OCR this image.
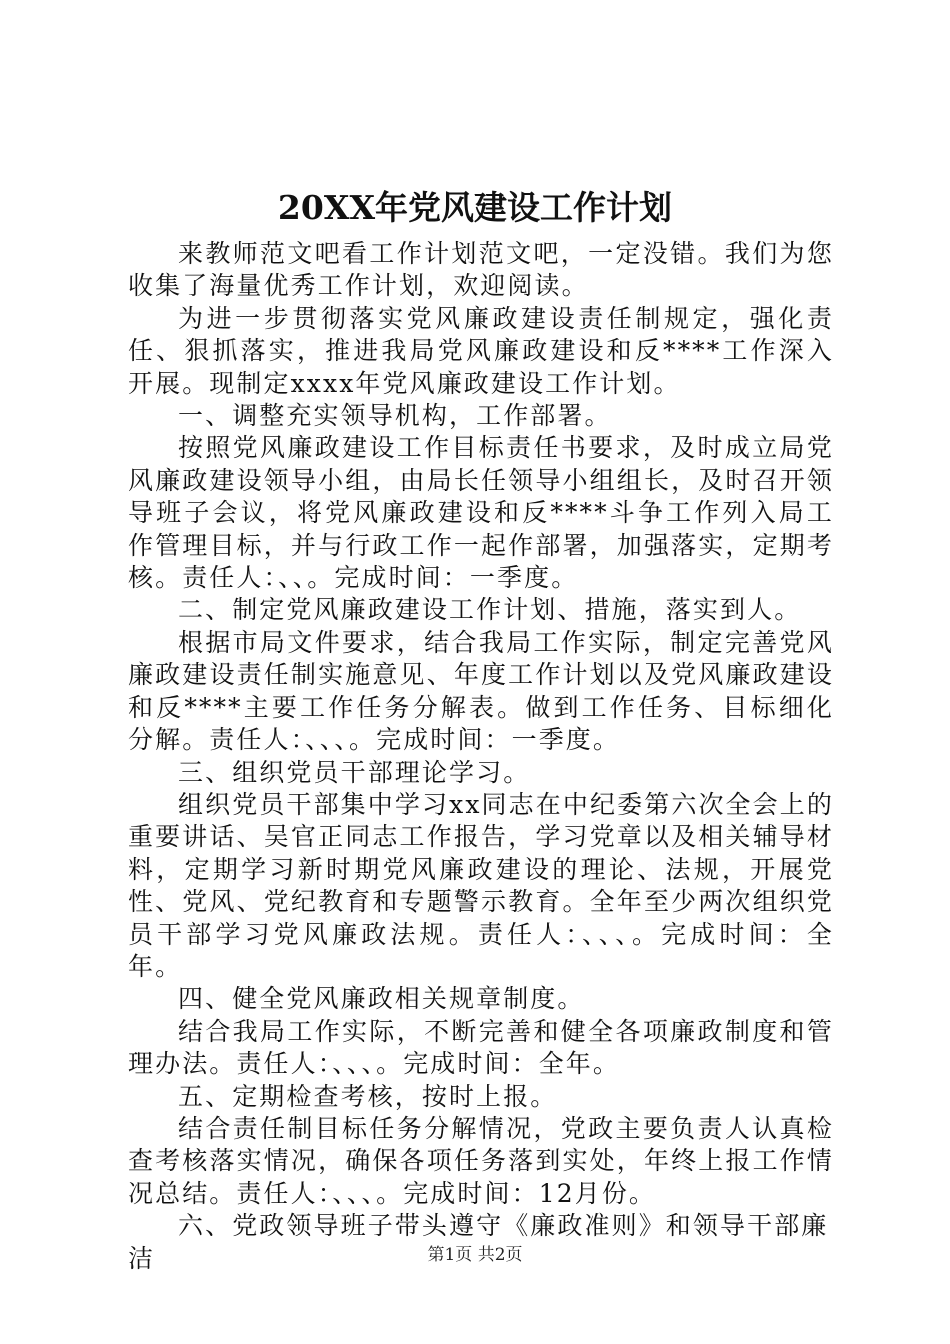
20XX年党风建设工作计划

来教师范文吧看工作计划范文吧，一定没错。我们为您收集了海量优秀工作计划，欢迎阅读。

为进一步贯彻落实党风廉政建设责任制规定，强化责任、狠抓落实，推进我局党风廉政建设和反****工作深入开展。现制定xxxx年党风廉政建设工作计划。

一、调整充实领导机构，工作部署。

按照党风廉政建设工作目标责任书要求，及时成立局党风廉政建设领导小组，由局长任领导小组组长，及时召开领导班子会议，将党风廉政建设和反****斗争工作列入局工作管理目标，并与行政工作一起作部署，加强落实，定期考核。责任人：、、。完成时间：一季度。

二、制定党风廉政建设工作计划、措施，落实到人。

根据市局文件要求，结合我局工作实际，制定完善党风廉政建设责任制实施意见、年度工作计划以及党风廉政建设和反****主要工作任务分解表。做到工作任务、目标细化分解。责任人：、、、。完成时间：一季度。

三、组织党员干部理论学习。

组织党员干部集中学习xx同志在中纪委第六次全会上的重要讲话、吴官正同志工作报告，学习党章以及相关辅导材料，定期学习新时期党风廉政建设的理论、法规，开展党性、党风、党纪教育和专题警示教育。全年至少两次组织党员干部学习党风廉政法规。责任人：、、、。完成时间：全年。

四、健全党风廉政相关规章制度。

结合我局工作实际，不断完善和健全各项廉政制度和管理办法。责任人：、、、。完成时间：全年。

五、定期检查考核，按时上报。

结合责任制目标任务分解情况，党政主要负责人认真检查考核落实情况，确保各项任务落到实处，年终上报工作情况总结。责任人：、、、。完成时间：12月份。

六、党政领导班子带头遵守《廉政准则》和领导干部廉洁	第1页 共2页
